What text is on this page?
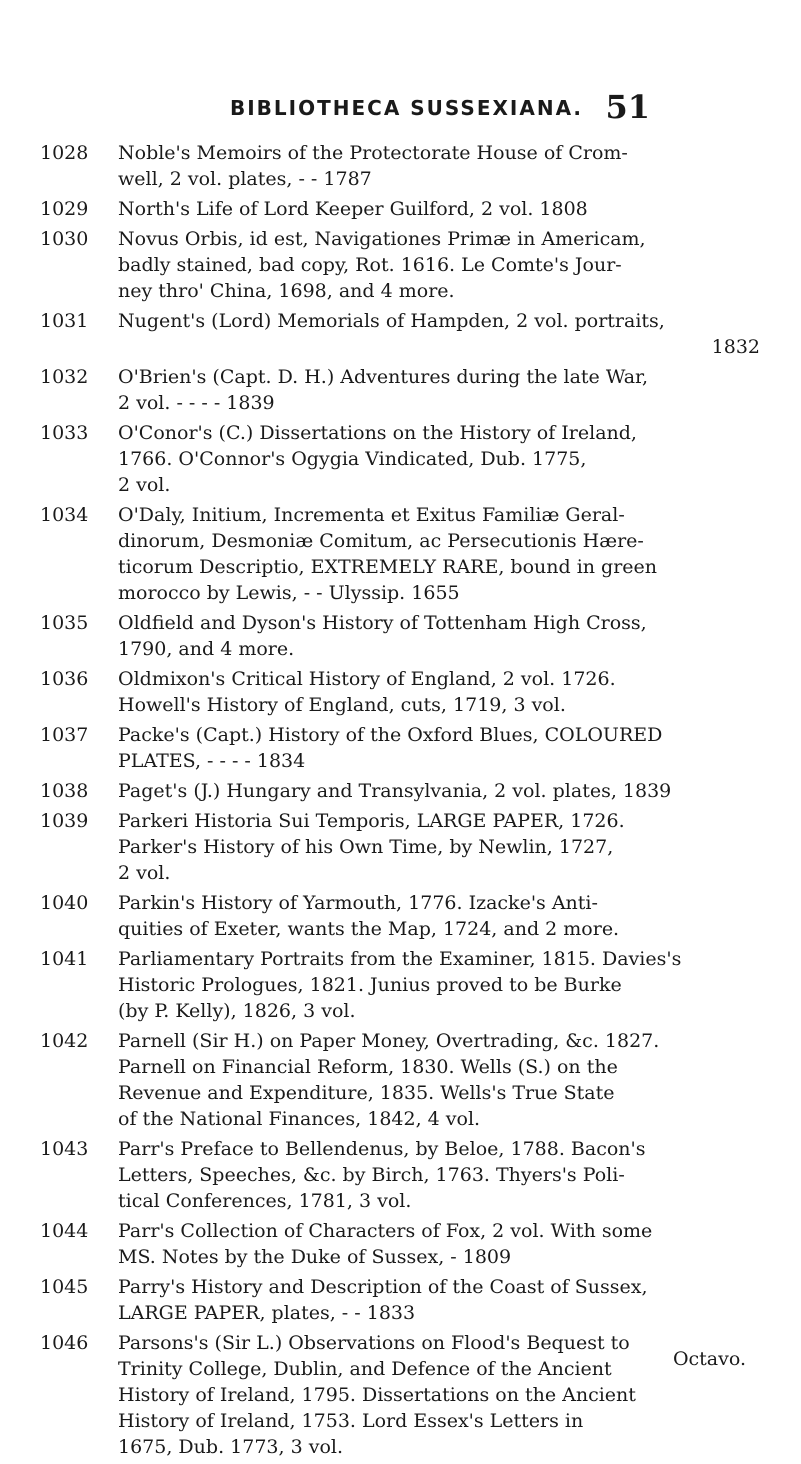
BIBLIOTHECA SUSSEXIANA. 51
1028	Noble's Memoirs of the Protectorate House of Crom-
well, 2 vol. plates, - - 1787
1029	North's Life of Lord Keeper Guilford, 2 vol. 1808
1030	Novus Orbis, id est, Navigationes Primæ in Americam,
badly stained, bad copy, Rot. 1616. Le Comte's Jour-
ney thro' China, 1698, and 4 more.
1031	Nugent's (Lord) Memorials of Hampden, 2 vol. portraits,
1832
1032	O'Brien's (Capt. D. H.) Adventures during the late War,
2 vol. - - - - 1839
1033	O'Conor's (C.) Dissertations on the History of Ireland,
1766. O'Connor's Ogygia Vindicated, Dub. 1775,
2 vol.
1034	O'Daly, Initium, Incrementa et Exitus Familiæ Geral-
dinorum, Desmoniæ Comitum, ac Persecutionis Hære-
ticorum Descriptio, EXTREMELY RARE, bound in green
morocco by Lewis, - - Ulyssip. 1655
1035	Oldfield and Dyson's History of Tottenham High Cross,
1790, and 4 more.
1036	Oldmixon's Critical History of England, 2 vol. 1726.
Howell's History of England, cuts, 1719, 3 vol.
1037	Packe's (Capt.) History of the Oxford Blues, COLOURED
PLATES, - - - - 1834
1038	Paget's (J.) Hungary and Transylvania, 2 vol. plates, 1839
1039	Parkeri Historia Sui Temporis, LARGE PAPER, 1726.
Parker's History of his Own Time, by Newlin, 1727,
2 vol.
1040	Parkin's History of Yarmouth, 1776. Izacke's Anti-
quities of Exeter, wants the Map, 1724, and 2 more.
1041	Parliamentary Portraits from the Examiner, 1815. Davies's
Historic Prologues, 1821. Junius proved to be Burke
(by P. Kelly), 1826, 3 vol.
1042	Parnell (Sir H.) on Paper Money, Overtrading, &c. 1827.
Parnell on Financial Reform, 1830. Wells (S.) on the
Revenue and Expenditure, 1835. Wells's True State
of the National Finances, 1842, 4 vol.
1043	Parr's Preface to Bellendenus, by Beloe, 1788. Bacon's
Letters, Speeches, &c. by Birch, 1763. Thyers's Poli-
tical Conferences, 1781, 3 vol.
1044	Parr's Collection of Characters of Fox, 2 vol. With some
MS. Notes by the Duke of Sussex, - 1809
1045	Parry's History and Description of the Coast of Sussex,
LARGE PAPER, plates, - - 1833
1046	Parsons's (Sir L.) Observations on Flood's Bequest to
Trinity College, Dublin, and Defence of the Ancient
History of Ireland, 1795. Dissertations on the Ancient
History of Ireland, 1753. Lord Essex's Letters in
1675, Dub. 1773, 3 vol.
Octavo.
